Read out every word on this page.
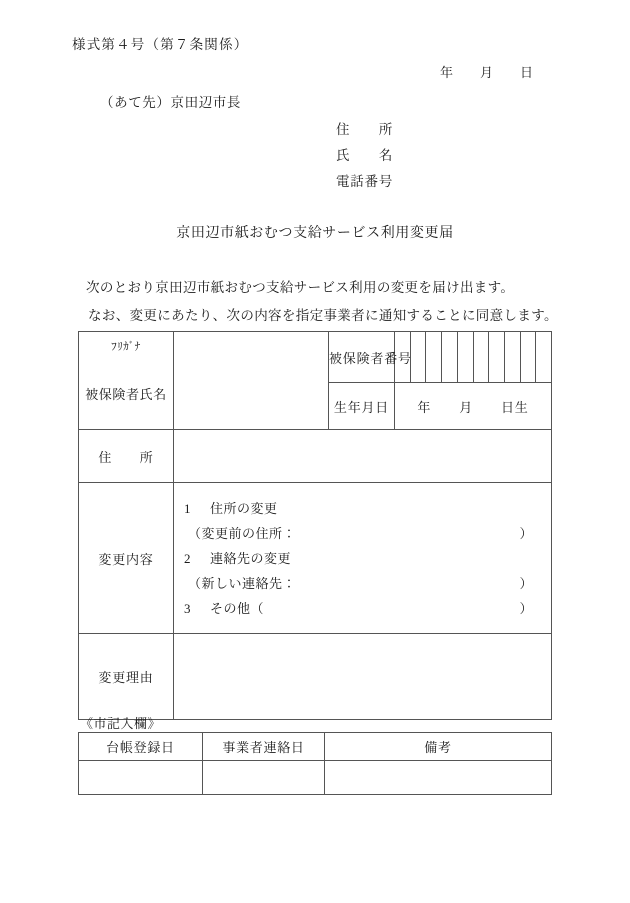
様式第４号（第７条関係）
年 月 日
（あて先）京田辺市長
住　　所
氏　　名
電話番号
京田辺市紙おむつ支給サービス利用変更届
次のとおり京田辺市紙おむつ支給サービス利用の変更を届け出ます。
なお、変更にあたり、次の内容を指定事業者に通知することに同意します。
ﾌﾘｶﾞﾅ
被保険者氏名		被保険者番号	

		生年月日	年 月 日生
住　　所			
変更内容	
1 住所の変更
（変更前の住所：	）
2 連絡先の変更
（新しい連絡先：	）
3 その他（	）

変更理由			
《市記入欄》
台帳登録日	事業者連絡日	備考
